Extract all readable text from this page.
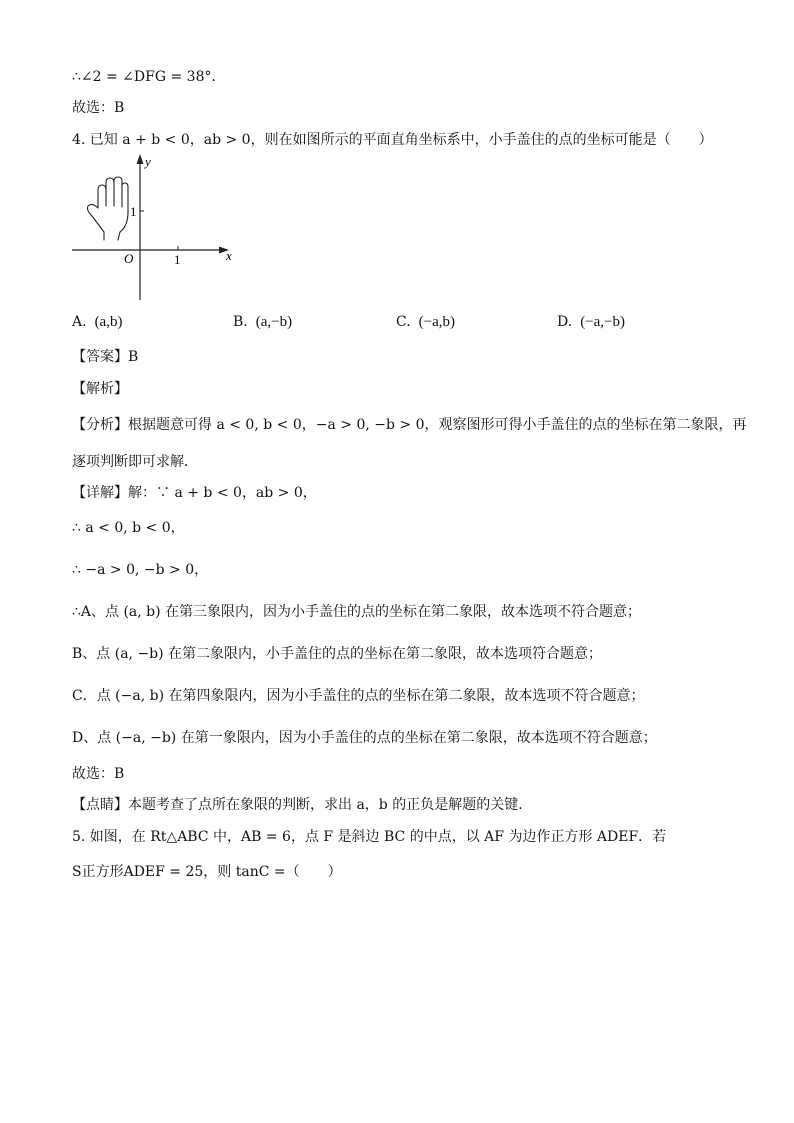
∴∠2 = ∠DFG = 38°．
故选：B
4. 已知 a + b < 0，ab > 0，则在如图所示的平面直角坐标系中，小手盖住的点的坐标可能是（　　）
y
x
O	1
1
A. (a,b)	B. (a,−b)	C. (−a,b)	D. (−a,−b)
【答案】B
【解析】
【分析】根据题意可得 a < 0, b < 0，−a > 0, −b > 0，观察图形可得小手盖住的点的坐标在第二象限，再
逐项判断即可求解．
【详解】解：∵ a + b < 0，ab > 0，
∴ a < 0, b < 0，
∴ −a > 0, −b > 0，
∴A、点 (a, b) 在第三象限内，因为小手盖住的点的坐标在第二象限，故本选项不符合题意；
B、点 (a, −b) 在第二象限内，小手盖住的点的坐标在第二象限，故本选项符合题意；
C．点 (−a, b) 在第四象限内，因为小手盖住的点的坐标在第二象限，故本选项不符合题意；
D、点 (−a, −b) 在第一象限内，因为小手盖住的点的坐标在第二象限，故本选项不符合题意；
故选：B
【点睛】本题考查了点所在象限的判断，求出 a，b 的正负是解题的关键．
5. 如图，在 Rt△ABC 中，AB = 6，点 F 是斜边 BC 的中点，以 AF 为边作正方形 ADEF．若
S正方形ADEF = 25，则 tanC =（　　）
